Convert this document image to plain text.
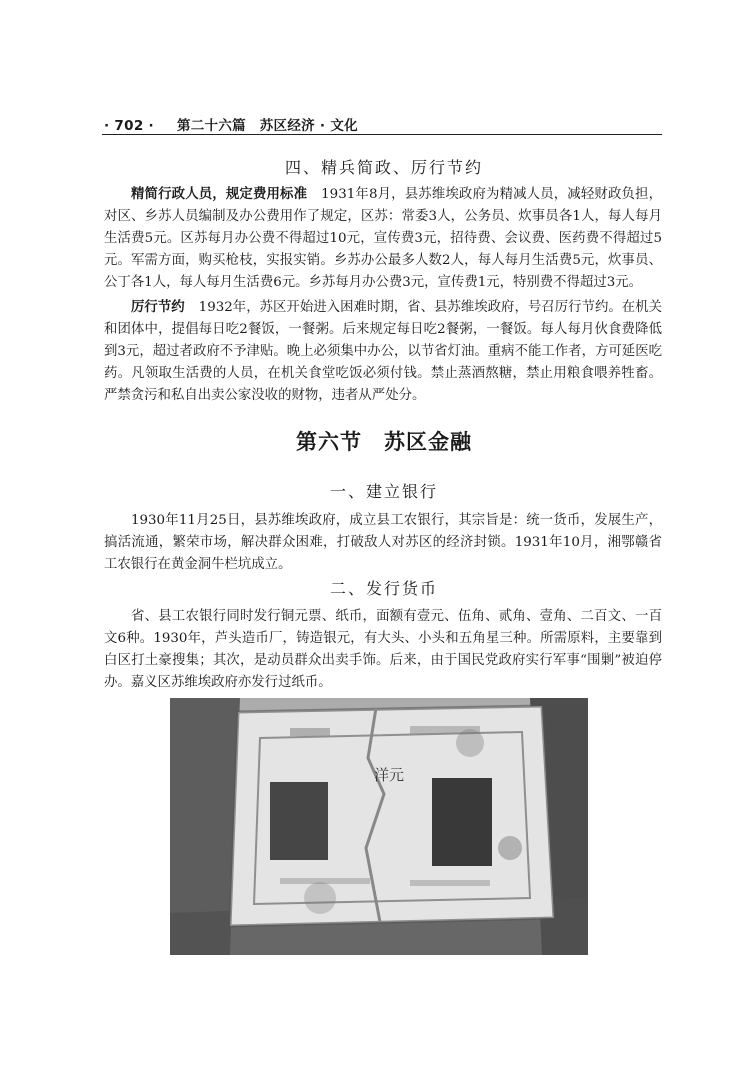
· 702 · 第二十六篇　苏区经济 · 文化
四、精兵简政、厉行节约

精简行政人员，规定费用标准 1931年8月，县苏维埃政府为精减人员，减轻财政负担，对区、乡苏人员编制及办公费用作了规定，区苏：常委3人，公务员、炊事员各1人，每人每月生活费5元。区苏每月办公费不得超过10元，宣传费3元，招待费、会议费、医药费不得超过5元。军需方面，购买枪枝，实报实销。乡苏办公最多人数2人，每人每月生活费5元，炊事员、公丁各1人，每人每月生活费6元。乡苏每月办公费3元，宣传费1元，特别费不得超过3元。

厉行节约 1932年，苏区开始进入困难时期，省、县苏维埃政府，号召厉行节约。在机关和团体中，提倡每日吃2餐饭，一餐粥。后来规定每日吃2餐粥，一餐饭。每人每月伙食费降低到3元，超过者政府不予津贴。晚上必须集中办公，以节省灯油。重病不能工作者，方可延医吃药。凡领取生活费的人员，在机关食堂吃饭必须付钱。禁止蒸酒熬糖，禁止用粮食喂养牲畜。严禁贪污和私自出卖公家没收的财物，违者从严处分。

第六节　苏区金融
一、建立银行

1930年11月25日，县苏维埃政府，成立县工农银行，其宗旨是：统一货币，发展生产，搞活流通，繁荣市场，解决群众困难，打破敌人对苏区的经济封锁。1931年10月，湘鄂赣省工农银行在黄金洞牛栏坑成立。

二、发行货币

省、县工农银行同时发行铜元票、纸币，面额有壹元、伍角、贰角、壹角、二百文、一百文6种。1930年，芦头造币厂，铸造银元，有大头、小头和五角星三种。所需原料，主要靠到白区打土豪搜集；其次，是动员群众出卖手饰。后来，由于国民党政府实行军事“围剿”被迫停办。嘉义区苏维埃政府亦发行过纸币。

洋元
